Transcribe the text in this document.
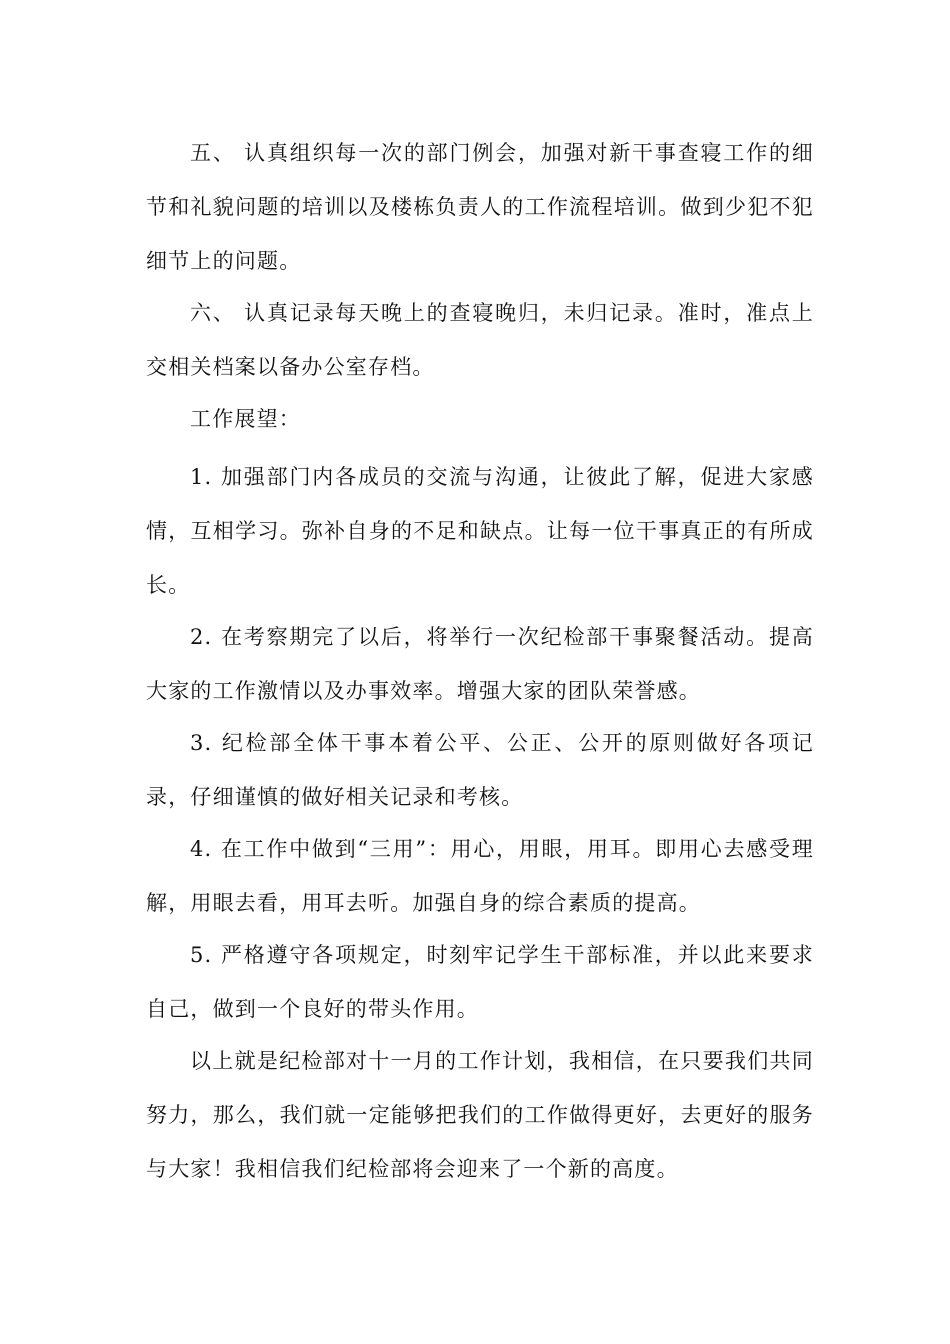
五、 认真组织每一次的部门例会，加强对新干事查寝工作的细节和礼貌问题的培训以及楼栋负责人的工作流程培训。做到少犯不犯细节上的问题。

六、 认真记录每天晚上的查寝晚归，未归记录。准时，准点上交相关档案以备办公室存档。

工作展望：

1. 加强部门内各成员的交流与沟通，让彼此了解，促进大家感情，互相学习。弥补自身的不足和缺点。让每一位干事真正的有所成长。

2. 在考察期完了以后，将举行一次纪检部干事聚餐活动。提高大家的工作激情以及办事效率。增强大家的团队荣誉感。

3. 纪检部全体干事本着公平、公正、公开的原则做好各项记录，仔细谨慎的做好相关记录和考核。

4. 在工作中做到“三用”：用心，用眼，用耳。即用心去感受理解，用眼去看，用耳去听。加强自身的综合素质的提高。

5. 严格遵守各项规定，时刻牢记学生干部标准，并以此来要求自己，做到一个良好的带头作用。

以上就是纪检部对十一月的工作计划，我相信，在只要我们共同努力，那么，我们就一定能够把我们的工作做得更好，去更好的服务与大家！我相信我们纪检部将会迎来了一个新的高度。
